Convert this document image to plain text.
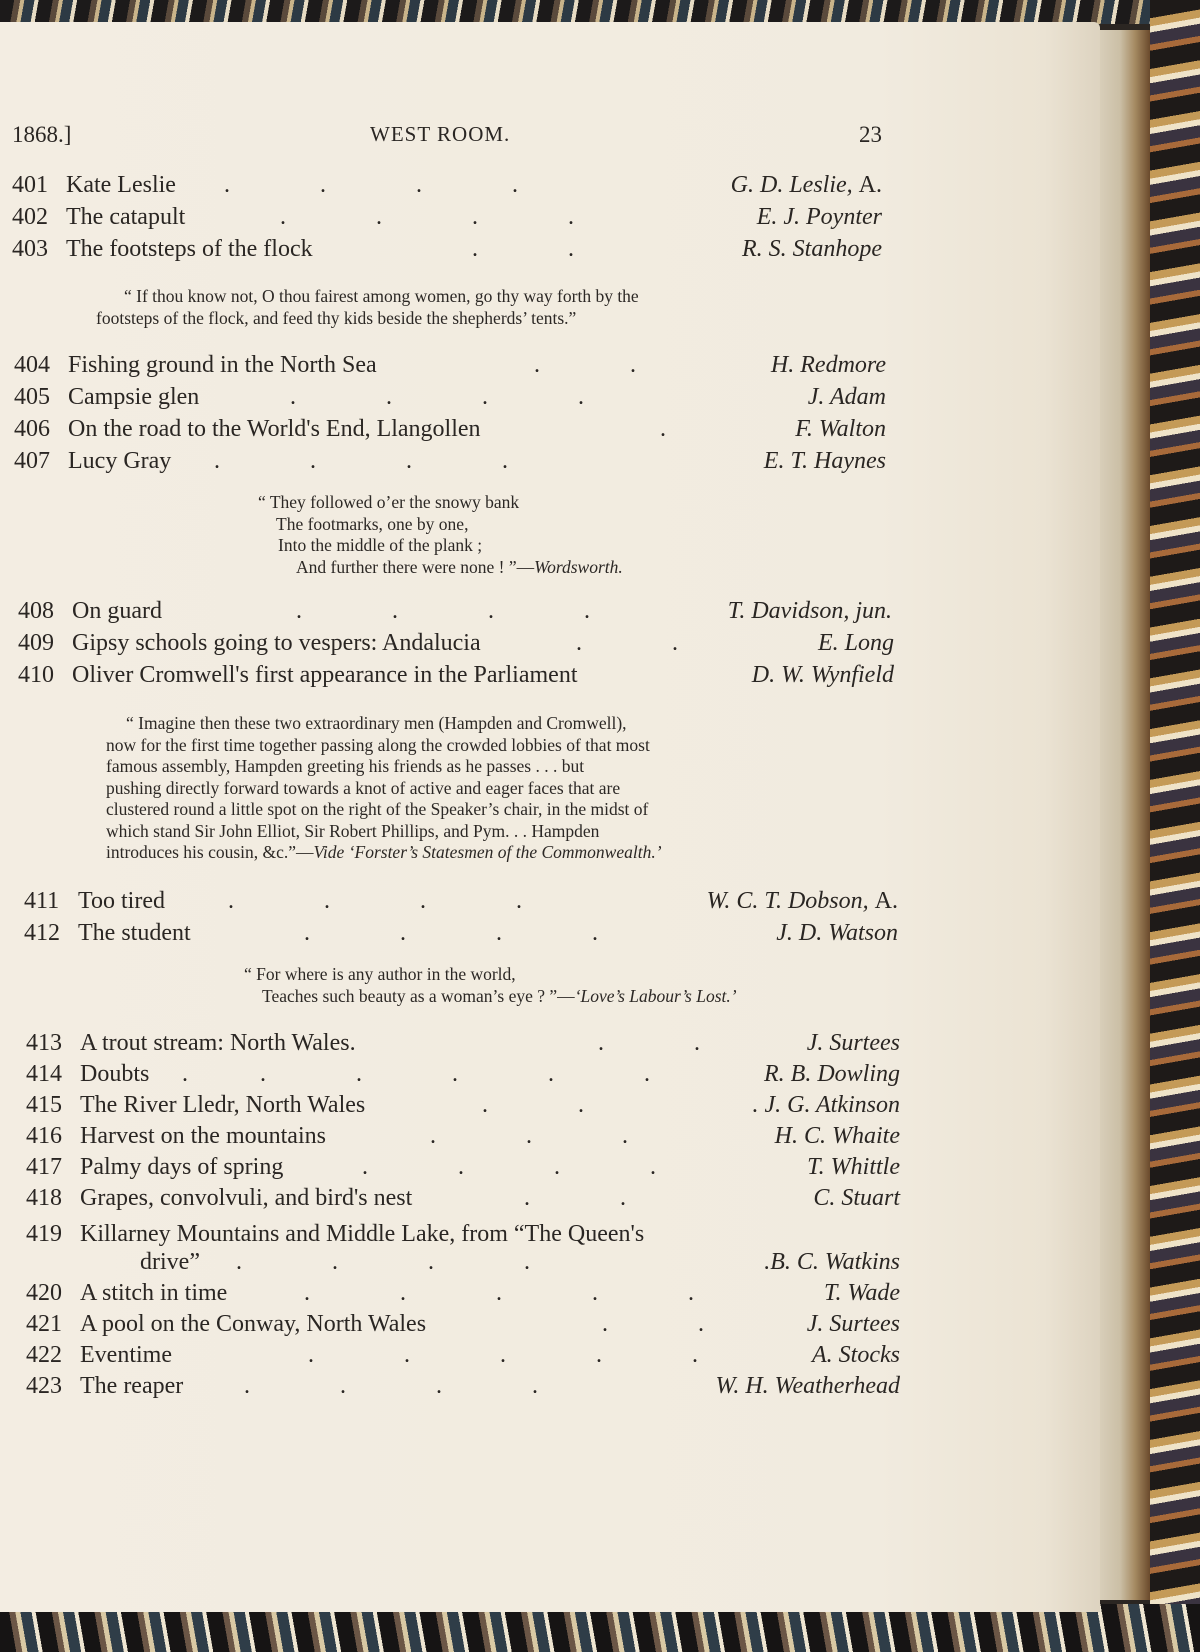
1868.]	WEST ROOM.	23
401 Kate Leslie .               .               .               .	G. D. Leslie, A.
402 The catapult	.               .               .               .	E. J. Poynter
403 The footsteps of the flock	.               .	R. S. Stanhope
“ If thou know not, O thou fairest among women, go thy way forth by the
footsteps of the flock, and feed thy kids beside the shepherds’ tents.”
404 Fishing ground in the North Sea	.               .	H. Redmore
405 Campsie glen	.               .               .               .	J. Adam
406 On the road to the World's End, Llangollen	.	F. Walton
407 Lucy Gray .               .               .               .	E. T. Haynes
“ They followed o’er the snowy bank
The footmarks, one by one,
Into the middle of the plank ;
And further there were none ! ”—Wordsworth.
408 On guard	.               .               .               .	T. Davidson, jun.
409 Gipsy schools going to vespers: Andalucia	.               .	E. Long
410 Oliver Cromwell's first appearance in the Parliament	D. W. Wynfield
“ Imagine then these two extraordinary men (Hampden and Cromwell),
now for the first time together passing along the crowded lobbies of that most
famous assembly, Hampden greeting his friends as he passes . . . but
pushing directly forward towards a knot of active and eager faces that are
clustered round a little spot on the right of the Speaker’s chair, in the midst of
which stand Sir John Elliot, Sir Robert Phillips, and Pym. . . Hampden
introduces his cousin, &c.”—Vide ‘Forster’s Statesmen of the Commonwealth.’
411 Too tired	.               .               .               .	W. C. T. Dobson, A.
412 The student	.               .               .               .	J. D. Watson
“ For where is any author in the world,
Teaches such beauty as a woman’s eye ? ”—‘Love’s Labour’s Lost.’
413 A trout stream: North Wales.	.               .	J. Surtees
414 Doubts .            .               .               .               .               .	R. B. Dowling
415 The River Lledr, North Wales	.               .	. J. G. Atkinson
416 Harvest on the mountains	.               .               .	H. C. Whaite
417 Palmy days of spring	.               .               .               .	T. Whittle
418 Grapes, convolvuli, and bird's nest	.               .	C. Stuart
419 Killarney Mountains and Middle Lake, from “The Queen's
drive” .               .               .               .	.B. C. Watkins
420 A stitch in time	.               .               .               .               .	T. Wade
421 A pool on the Conway, North Wales	.               .	J. Surtees
422 Eventime	.               .               .               .               .	A. Stocks
423 The reaper	.               .               .               .	W. H. Weatherhead
